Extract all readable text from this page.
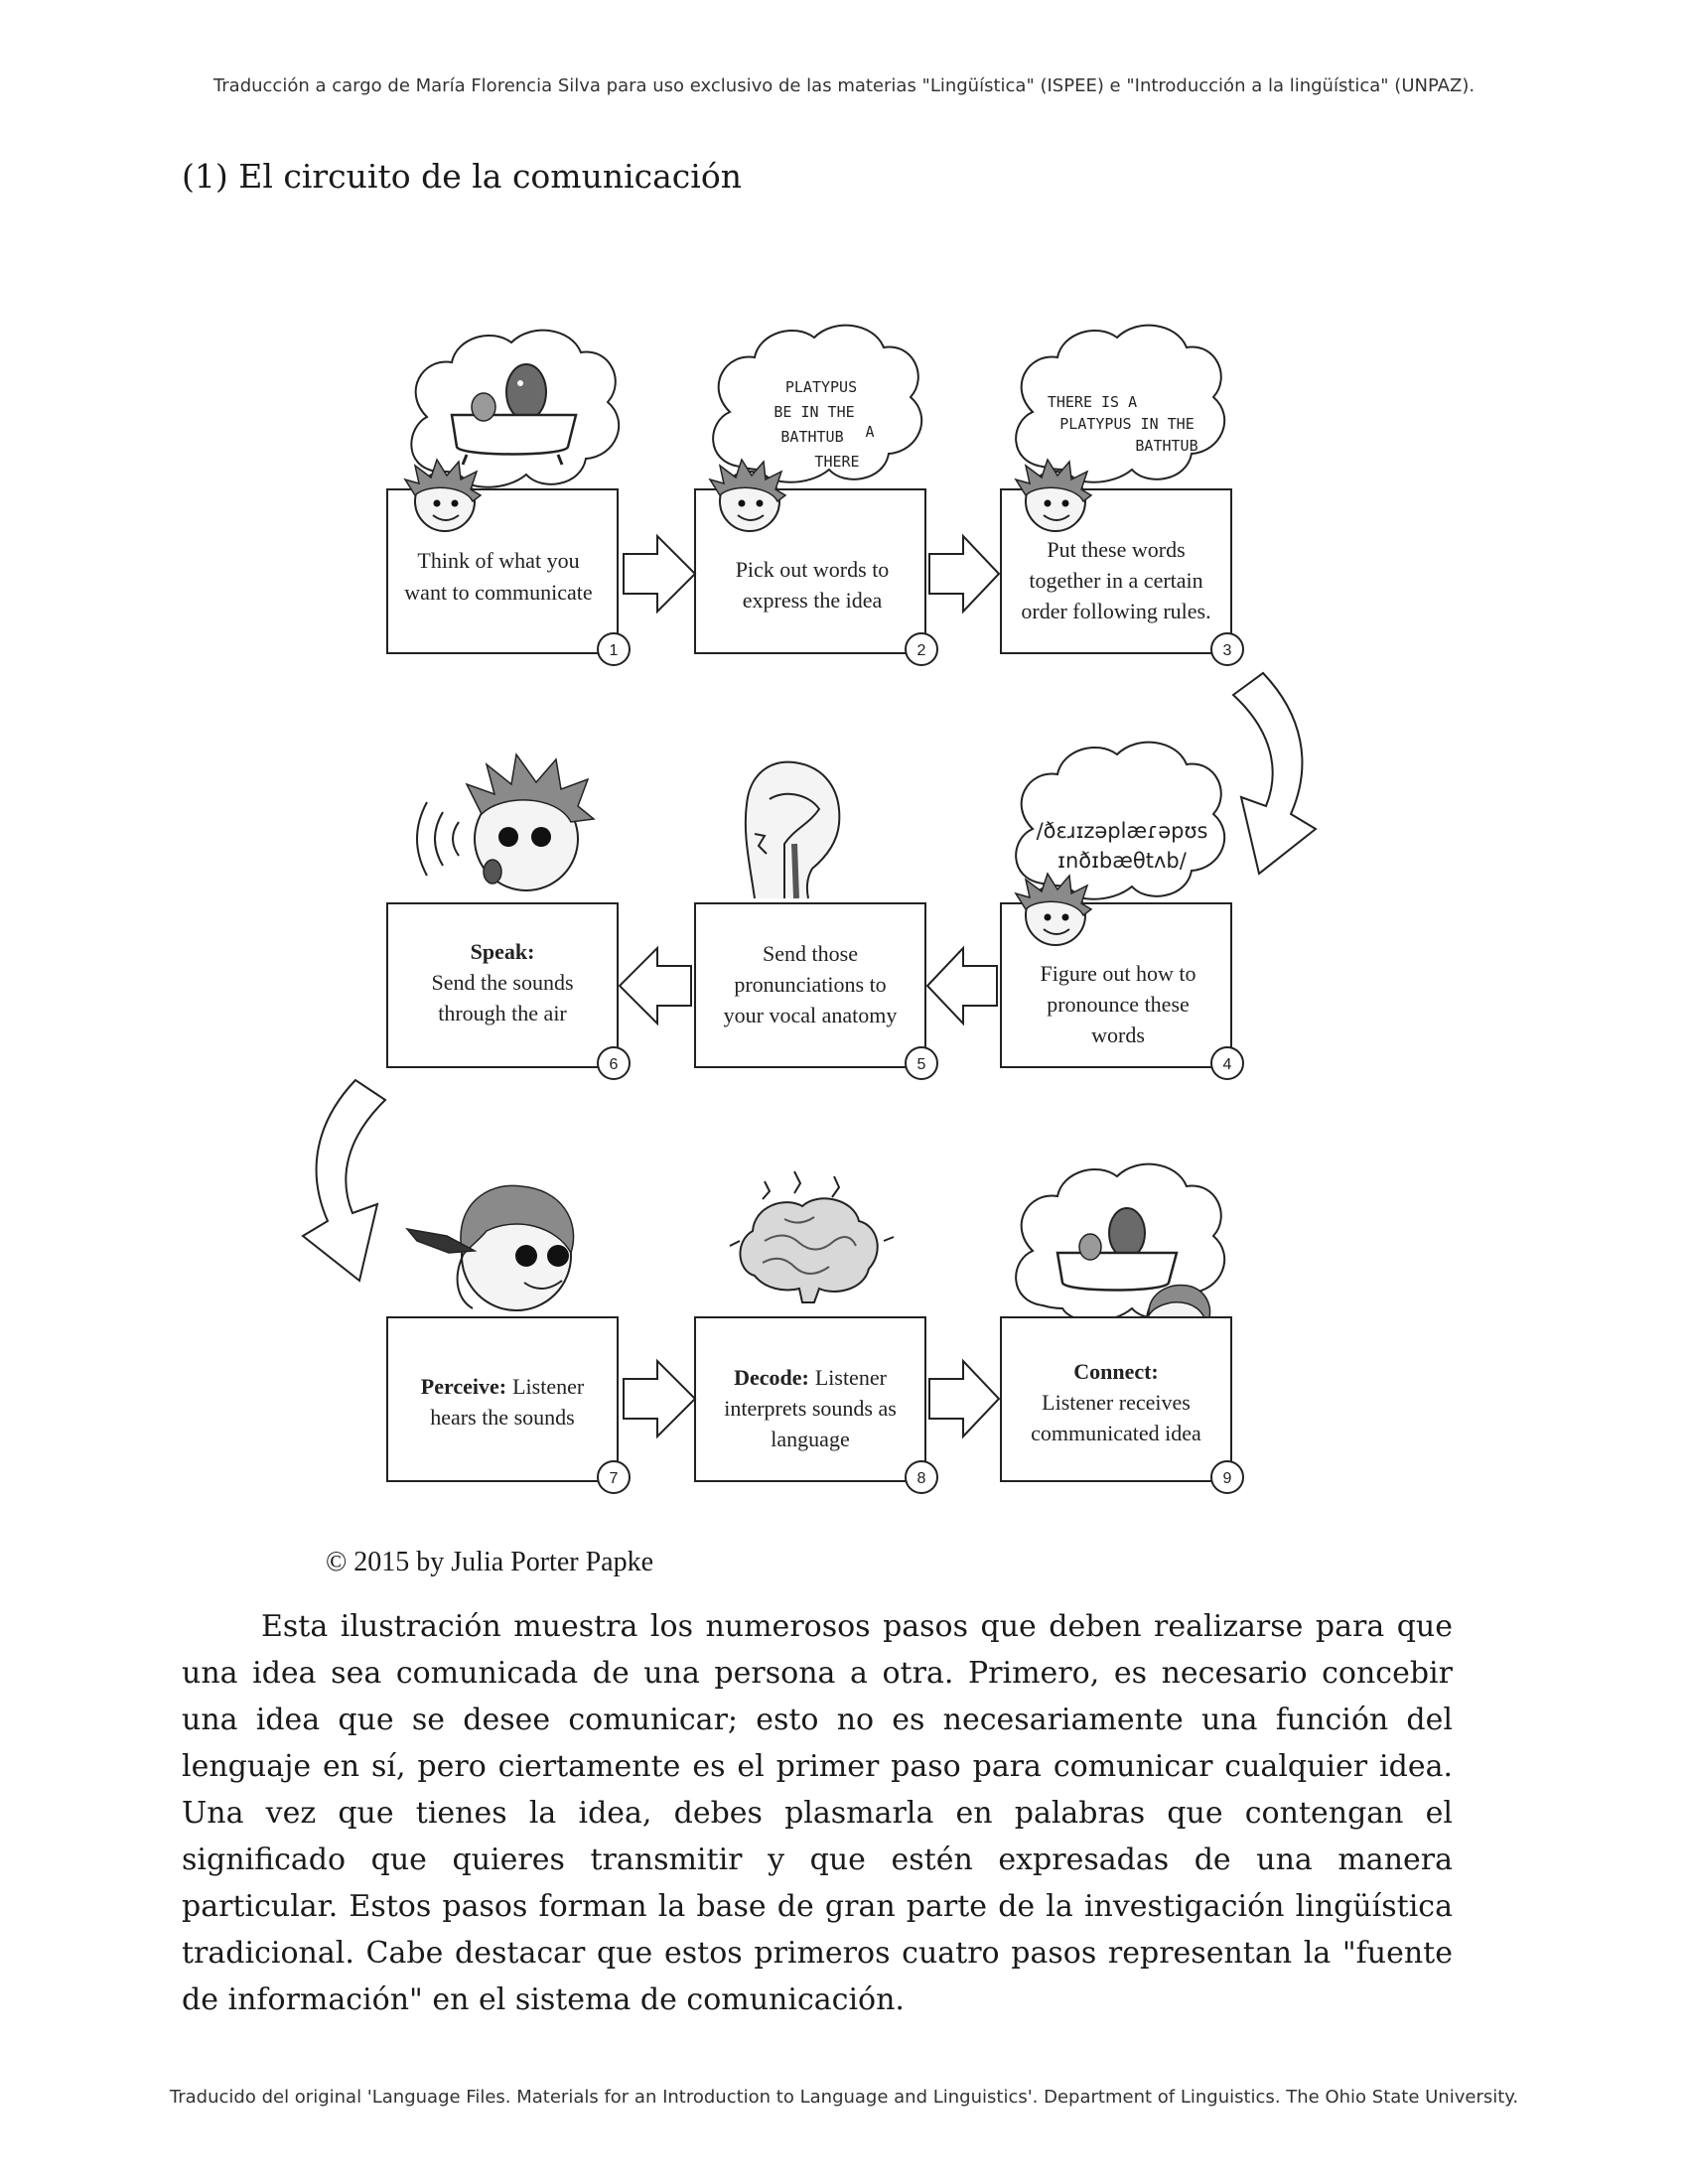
Traducción a cargo de María Florencia Silva para uso exclusivo de las materias "Lingüística" (ISPEE) e "Introducción a la lingüística" (UNPAZ).
(1) El circuito de la comunicación
PLATYPUS
BE IN THE
BATHTUB A
THERE
THERE IS A
PLATYPUS IN THE
BATHTUB
Think of what you
want to communicate
Pick out words to
express the idea
Put these words
together in a certain
order following rules.
1	2	3
/ðɛɹɪzəplæɾəpʊs
ɪnðɪbæθtʌb/
Speak:
Send the sounds
through the air
Send those
pronunciations to
your vocal anatomy
Figure out how to
pronounce these
words
6	5	4
Perceive: Listener
hears the sounds
Decode: Listener
interprets sounds as
language
Connect:
Listener receives
communicated idea
7	8	9
© 2015 by Julia Porter Papke

Esta ilustración muestra los numerosos pasos que deben realizarse para que una idea sea comunicada de una persona a otra. Primero, es necesario concebir una idea que se desee comunicar; esto no es necesariamente una función del lenguaje en sí, pero ciertamente es el primer paso para comunicar cualquier idea. Una vez que tienes la idea, debes plasmarla en palabras que contengan el significado que quieres transmitir y que estén expresadas de una manera particular. Estos pasos forman la base de gran parte de la investigación lingüística tradicional. Cabe destacar que estos primeros cuatro pasos representan la "fuente de información" en el sistema de comunicación.

Traducido del original 'Language Files. Materials for an Introduction to Language and Linguistics'. Department of Linguistics. The Ohio State University.
